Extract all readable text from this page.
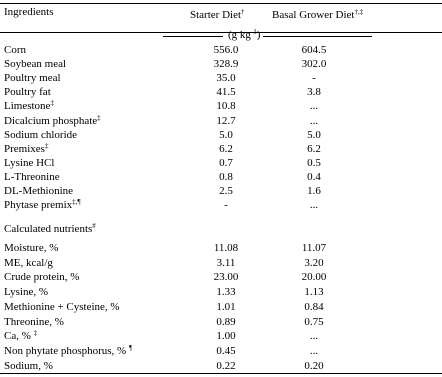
Ingredients	Starter Diet† Basal Grower Diet†,‡
(g $kg^{-1}$)
Corn	556.0	604.5
Soybean meal	328.9	302.0
Poultry meal	35.0	-
Poultry fat	41.5	3.8
Limestone‡	10.8	...
Dicalcium phosphate‡	12.7	...
Sodium chloride	5.0	5.0
Premixes‡	6.2	6.2
Lysine HCl	0.7	0.5
L-Threonine	0.8	0.4
DL-Methionine	2.5	1.6
Phytase premix‡,¶	-	...
Calculated nutrients#
Moisture, %	11.08	11.07
ME, kcal/g	3.11	3.20
Crude protein, %	23.00	20.00
Lysine, %	1.33	1.13
Methionine + Cysteine, %	1.01	0.84
Threonine, %	0.89	0.75
Ca, % ‡	1.00	...
Non phytate phosphorus, % ¶	0.45	...
Sodium, %	0.22	0.20
